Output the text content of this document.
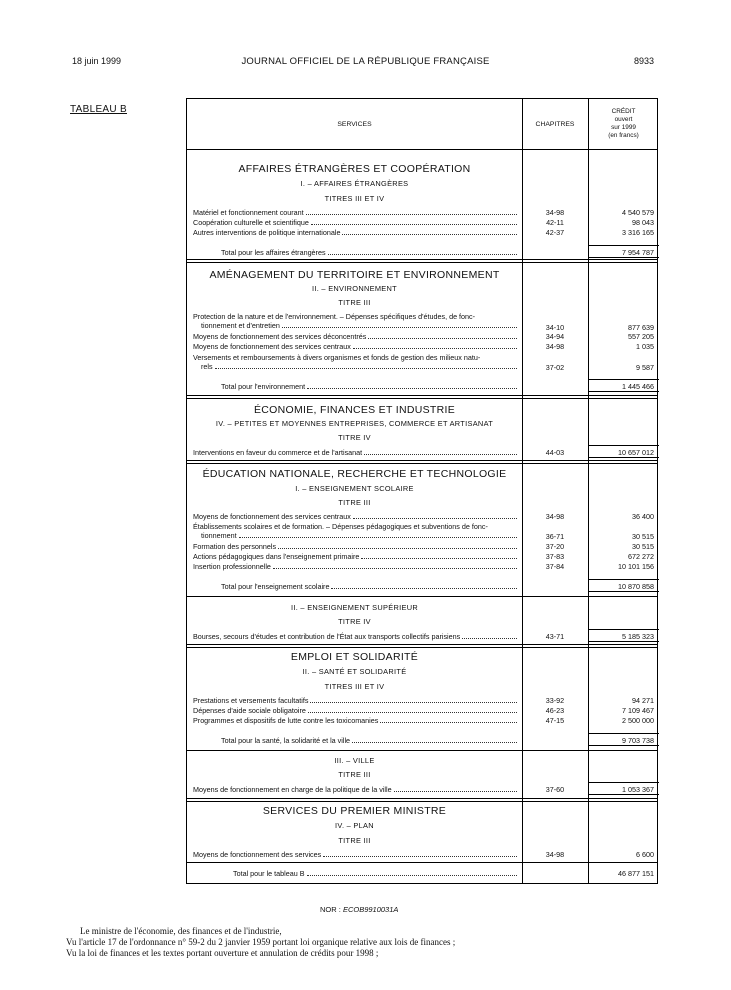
18 juin 1999	JOURNAL OFFICIEL DE LA RÉPUBLIQUE FRANÇAISE	8933
TABLEAU B
SERVICES	CHAPITRES
CRÉDIT
ouvert
sur 1999
(en francs)
AFFAIRES ÉTRANGÈRES ET COOPÉRATION
I. – AFFAIRES ÉTRANGÈRES
TITRES III ET IV
Matériel et fonctionnement courant	34-98	4 540 579
Coopération culturelle et scientifique	42-11	98 043
Autres interventions de politique internationale	42-37	3 316 165
Total pour les affaires étrangères	7 954 787
AMÉNAGEMENT DU TERRITOIRE ET ENVIRONNEMENT
II. – ENVIRONNEMENT
TITRE III
Protection de la nature et de l'environnement. – Dépenses spécifiques d'études, de fonc-
tionnement et d'entretien	34-10	877 639
Moyens de fonctionnement des services déconcentrés	34-94	557 205
Moyens de fonctionnement des services centraux	34-98	1 035
Versements et remboursements à divers organismes et fonds de gestion des milieux natu-
rels	37-02	9 587
Total pour l'environnement	1 445 466
ÉCONOMIE, FINANCES ET INDUSTRIE
IV. – PETITES ET MOYENNES ENTREPRISES, COMMERCE ET ARTISANAT
TITRE IV
Interventions en faveur du commerce et de l'artisanat	44-03	10 657 012
ÉDUCATION NATIONALE, RECHERCHE ET TECHNOLOGIE
I. – ENSEIGNEMENT SCOLAIRE
TITRE III
Moyens de fonctionnement des services centraux	34-98	36 400
Établissements scolaires et de formation. – Dépenses pédagogiques et subventions de fonc-
tionnement	36-71	30 515
Formation des personnels	37-20	30 515
Actions pédagogiques dans l'enseignement primaire	37-83	672 272
Insertion professionnelle	37-84	10 101 156
Total pour l'enseignement scolaire	10 870 858
II. – ENSEIGNEMENT SUPÉRIEUR
TITRE IV
Bourses, secours d'études et contribution de l'État aux transports collectifs parisiens	43-71	5 185 323
EMPLOI ET SOLIDARITÉ
II. – SANTÉ ET SOLIDARITÉ
TITRES III ET IV
Prestations et versements facultatifs	33-92	94 271
Dépenses d'aide sociale obligatoire	46-23	7 109 467
Programmes et dispositifs de lutte contre les toxicomanies	47-15	2 500 000
Total pour la santé, la solidarité et la ville	9 703 738
III. – VILLE
TITRE III
Moyens de fonctionnement en charge de la politique de la ville	37-60	1 053 367
SERVICES DU PREMIER MINISTRE
IV. – PLAN
TITRE III
Moyens de fonctionnement des services	34-98	6 600
Total pour le tableau B	46 877 151
NOR : ECOB9910031A
Le ministre de l'économie, des finances et de l'industrie,
Vu l'article 17 de l'ordonnance n° 59-2 du 2 janvier 1959 portant loi organique relative aux lois de finances ;
Vu la loi de finances et les textes portant ouverture et annulation de crédits pour 1998 ;
